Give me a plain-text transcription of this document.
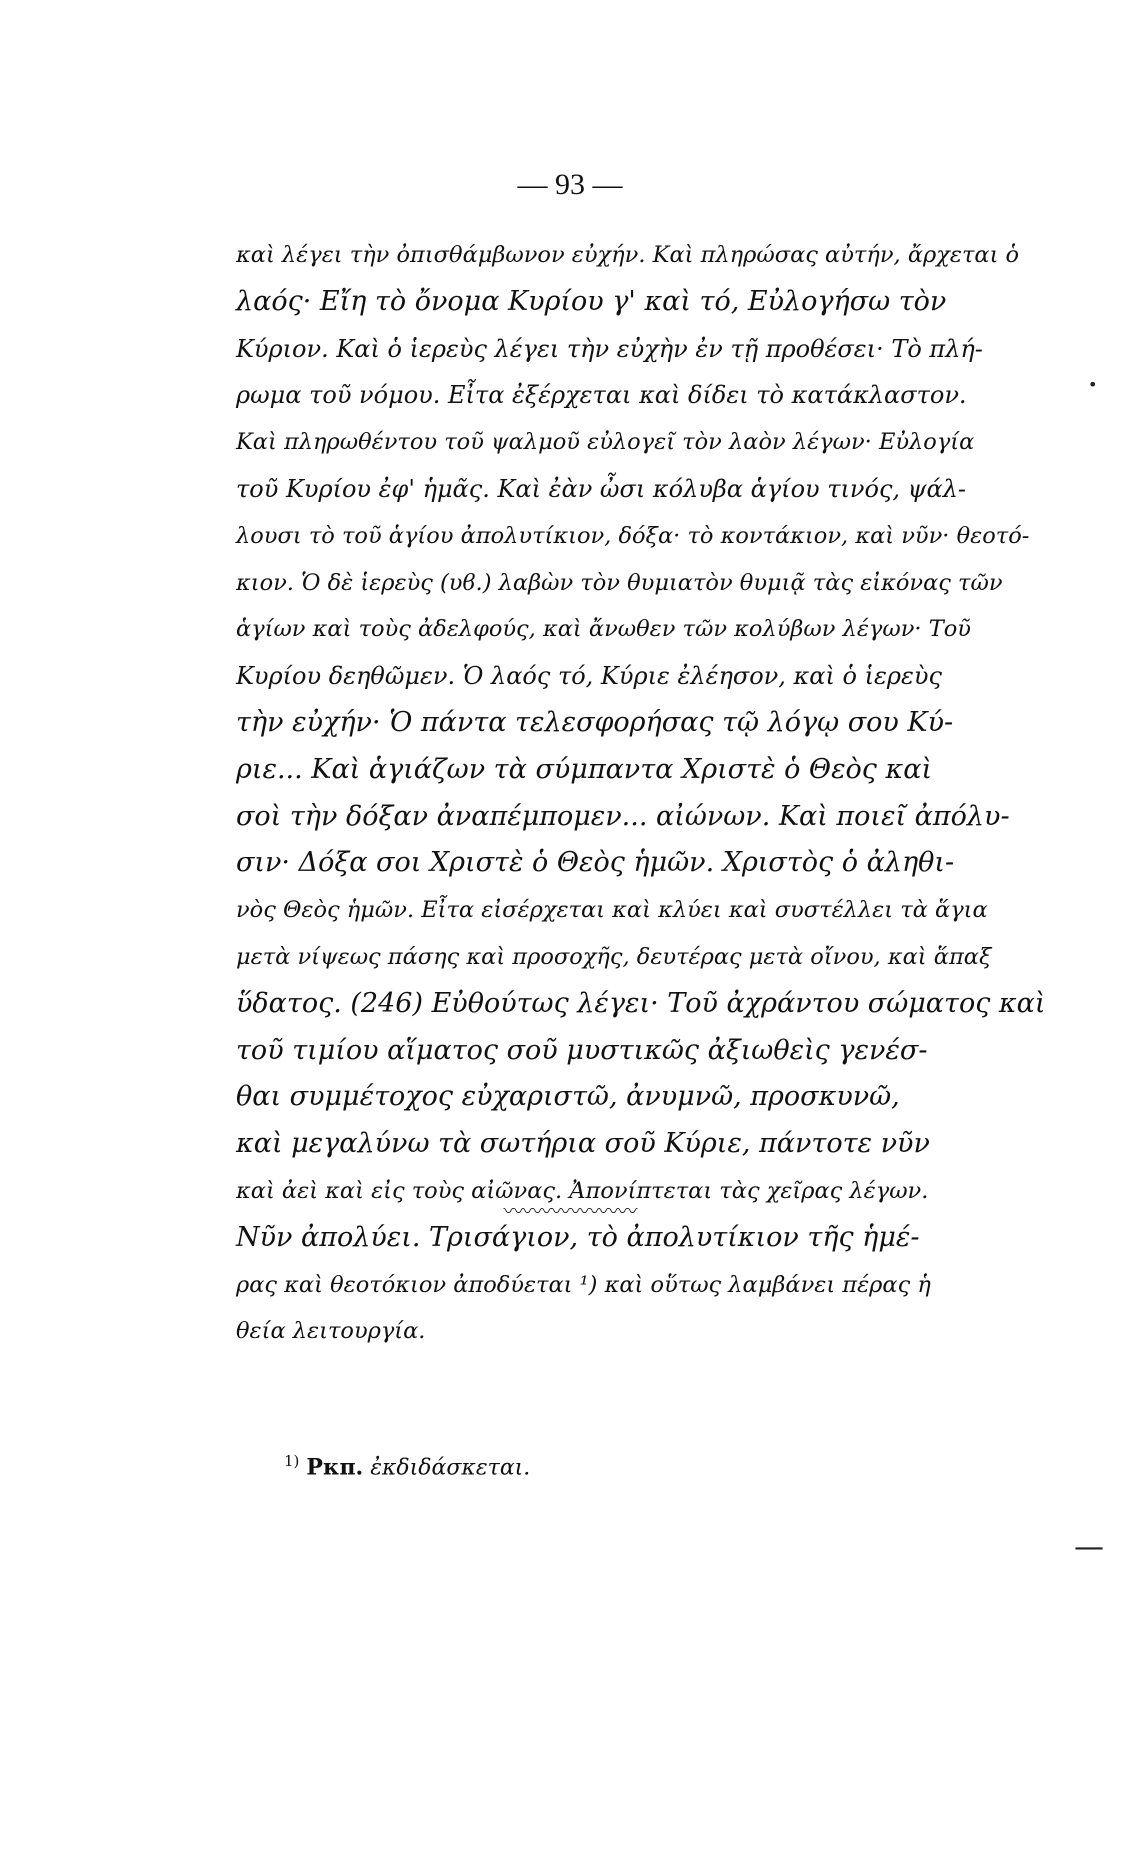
— 93 —
καὶ λέγει τὴν ὀπισθάμβωνον εὐχήν. Καὶ πληρώσας αὐτήν, ἄρχεται ὁ
λαός· Εἴη τὸ ὄνομα Κυρίου γ' καὶ τό, Εὐλογήσω τὸν
Κύριον. Καὶ ὁ ἱερεὺς λέγει τὴν εὐχὴν ἐν τῇ προθέσει· Τὸ πλή-
ρωμα τοῦ νόμου. Εἶτα ἐξέρχεται καὶ δίδει τὸ κατάκλαστον.
Καὶ πληρωθέντου τοῦ ψαλμοῦ εὐλογεῖ τὸν λαὸν λέγων· Εὐλογία
τοῦ Κυρίου ἐφ' ἡμᾶς. Καὶ ἐὰν ὦσι κόλυβα ἁγίου τινός, ψάλ-
λουσι τὸ τοῦ ἁγίου ἀπολυτίκιον, δόξα· τὸ κοντάκιον, καὶ νῦν· θεοτό-
κιον. Ὁ δὲ ἱερεὺς (υϐ.) λαβὼν τὸν θυμιατὸν θυμιᾷ τὰς εἰκόνας τῶν
ἁγίων καὶ τοὺς ἀδελφούς, καὶ ἄνωθεν τῶν κολύβων λέγων· Τοῦ
Κυρίου δεηθῶμεν. Ὁ λαός τό, Κύριε ἐλέησον, καὶ ὁ ἱερεὺς
τὴν εὐχήν· Ὁ πάντα τελεσφορήσας τῷ λόγῳ σου Κύ-
ριε... Καὶ ἁγιάζων τὰ σύμπαντα Χριστὲ ὁ Θεὸς καὶ
σοὶ τὴν δόξαν ἀναπέμπομεν... αἰώνων. Καὶ ποιεῖ ἀπόλυ-
σιν· Δόξα σοι Χριστὲ ὁ Θεὸς ἡμῶν. Χριστὸς ὁ ἀληθι-
νὸς Θεὸς ἡμῶν. Εἶτα εἰσέρχεται καὶ κλύει καὶ συστέλλει τὰ ἅγια
μετὰ νίψεως πάσης καὶ προσοχῆς, δευτέρας μετὰ οἴνου, καὶ ἅπαξ
ὕδατος. (246) Εὐθούτως λέγει· Τοῦ ἀχράντου σώματος καὶ
τοῦ τιμίου αἵματος σοῦ μυστικῶς ἀξιωθεὶς γενέσ-
θαι συμμέτοχος εὐχαριστῶ, ἀνυμνῶ, προσκυνῶ,
καὶ μεγαλύνω τὰ σωτήρια σοῦ Κύριε, πάντοτε νῦν
καὶ ἀεὶ καὶ εἰς τοὺς αἰῶνας. Ἀπονίπτεται τὰς χεῖρας λέγων.
Νῦν ἀπολύει. Τρισάγιον, τὸ ἀπολυτίκιον τῆς ἡμέ-
ρας καὶ θεοτόκιον ἀποδύεται ¹) καὶ οὕτως λαμβάνει πέρας ἡ
θεία λειτουργία.
〰〰〰〰〰〰〰
$^{1)}$ Pκπ. ἐκδιδάσκεται.
•
—
